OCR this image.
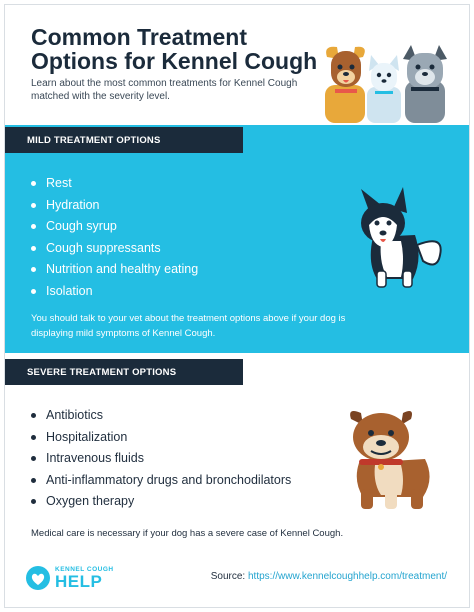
Common Treatment Options for Kennel Cough

Learn about the most common treatments for Kennel Cough matched with the severity level.

MILD TREATMENT OPTIONS
Rest
Hydration
Cough syrup
Cough suppressants
Nutrition and healthy eating
Isolation

You should talk to your vet about the treatment options above if your dog is displaying mild symptoms of Kennel Cough.

SEVERE TREATMENT OPTIONS
Antibiotics
Hospitalization
Intravenous fluids
Anti-inflammatory drugs and bronchodilators
Oxygen therapy

Medical care is necessary if your dog has a severe case of Kennel Cough.

KENNEL COUGH
HELP	Source: https://www.kennelcoughhelp.com/treatment/
